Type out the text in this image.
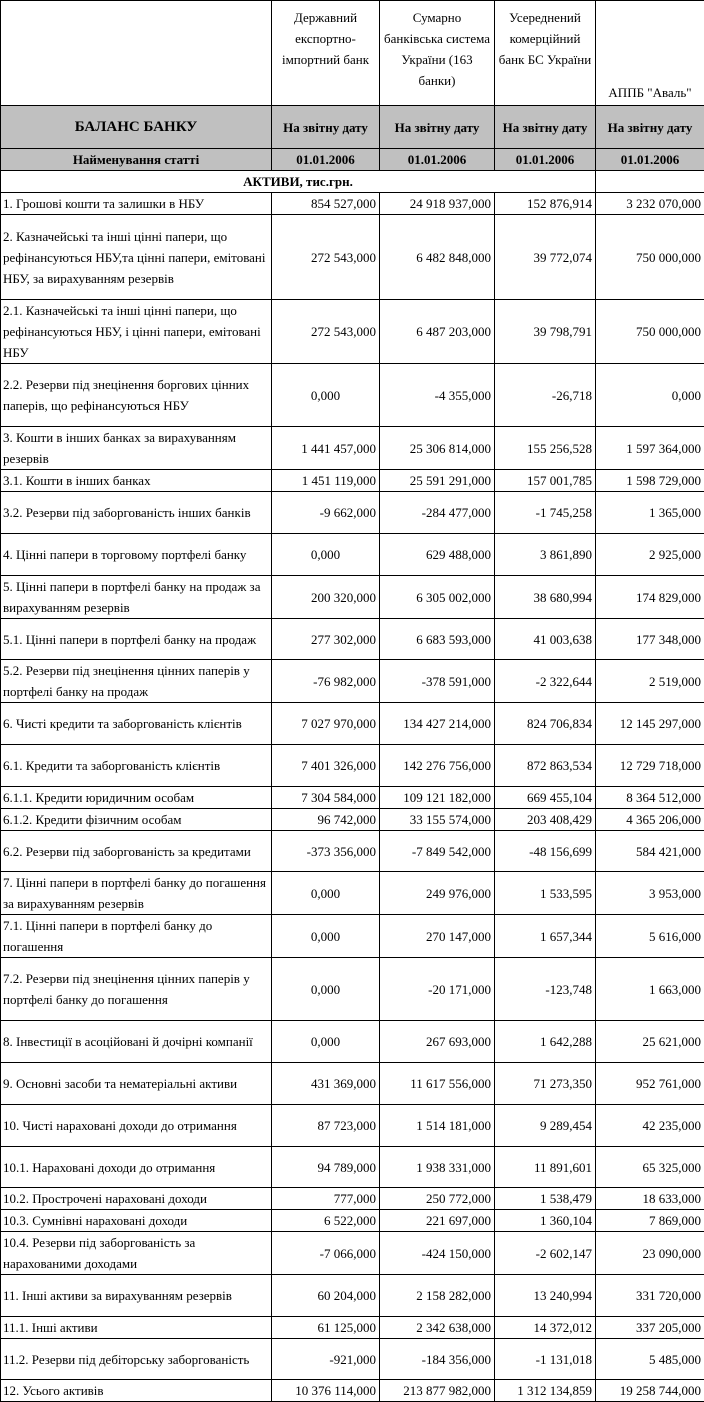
	Державний експортно-імпортний банк	Сумарно банківська система України (163 банки)	Усереднений комерційний банк БС України	АППБ "Аваль"
БАЛАНС БАНКУ	На звітну дату	На звітну дату	На звітну дату	На звітну дату
Найменування статті	01.01.2006	01.01.2006	01.01.2006	01.01.2006
АКТИВИ, тис.грн.				
1. Грошові кошти та залишки в НБУ	854 527,000	24 918 937,000	152 876,914	3 232 070,000
2. Казначейські та інші цінні папери, що рефінансуються НБУ,та цінні папери, емітовані НБУ, за вирахуванням резервів	272 543,000	6 482 848,000	39 772,074	750 000,000
2.1. Казначейські та інші цінні папери, що рефінансуються НБУ, і цінні папери, емітовані НБУ	272 543,000	6 487 203,000	39 798,791	750 000,000
2.2. Резерви під знецінення боргових цінних паперів, що рефінансуються НБУ	0,000	-4 355,000	-26,718	0,000
3. Кошти в інших банках за вирахуванням резервів	1 441 457,000	25 306 814,000	155 256,528	1 597 364,000
3.1. Кошти в інших банках	1 451 119,000	25 591 291,000	157 001,785	1 598 729,000
3.2. Резерви під заборгованість інших банків	-9 662,000	-284 477,000	-1 745,258	1 365,000
4. Цінні папери в торговому портфелі банку	0,000	629 488,000	3 861,890	2 925,000
5. Цінні папери в портфелі банку на продаж за вирахуванням резервів	200 320,000	6 305 002,000	38 680,994	174 829,000
5.1. Цінні папери в портфелі банку на продаж	277 302,000	6 683 593,000	41 003,638	177 348,000
5.2. Резерви під знецінення цінних паперів у портфелі банку на продаж	-76 982,000	-378 591,000	-2 322,644	2 519,000
6. Чисті кредити та заборгованість клієнтів	7 027 970,000	134 427 214,000	824 706,834	12 145 297,000
6.1. Кредити та заборгованість клієнтів	7 401 326,000	142 276 756,000	872 863,534	12 729 718,000
6.1.1. Кредити юридичним особам	7 304 584,000	109 121 182,000	669 455,104	8 364 512,000
6.1.2. Кредити фізичним особам	96 742,000	33 155 574,000	203 408,429	4 365 206,000
6.2. Резерви під заборгованість за кредитами	-373 356,000	-7 849 542,000	-48 156,699	584 421,000
7. Цінні папери в портфелі банку до погашення за вирахуванням резервів	0,000	249 976,000	1 533,595	3 953,000
7.1. Цінні папери в портфелі банку до погашення	0,000	270 147,000	1 657,344	5 616,000
7.2. Резерви під знецінення цінних паперів у портфелі банку до погашення	0,000	-20 171,000	-123,748	1 663,000
8. Інвестиції в асоційовані й дочірні компанії	0,000	267 693,000	1 642,288	25 621,000
9. Основні засоби та нематеріальні активи	431 369,000	11 617 556,000	71 273,350	952 761,000
10. Чисті нараховані доходи до отримання	87 723,000	1 514 181,000	9 289,454	42 235,000
10.1. Нараховані доходи до отримання	94 789,000	1 938 331,000	11 891,601	65 325,000
10.2. Прострочені нараховані доходи	777,000	250 772,000	1 538,479	18 633,000
10.3. Сумнівні нараховані доходи	6 522,000	221 697,000	1 360,104	7 869,000
10.4. Резерви під заборгованість за нарахованими доходами	-7 066,000	-424 150,000	-2 602,147	23 090,000
11. Інші активи за вирахуванням резервів	60 204,000	2 158 282,000	13 240,994	331 720,000
11.1. Інші активи	61 125,000	2 342 638,000	14 372,012	337 205,000
11.2. Резерви під дебіторську заборгованість	-921,000	-184 356,000	-1 131,018	5 485,000
12. Усього активів	10 376 114,000	213 877 982,000	1 312 134,859	19 258 744,000
